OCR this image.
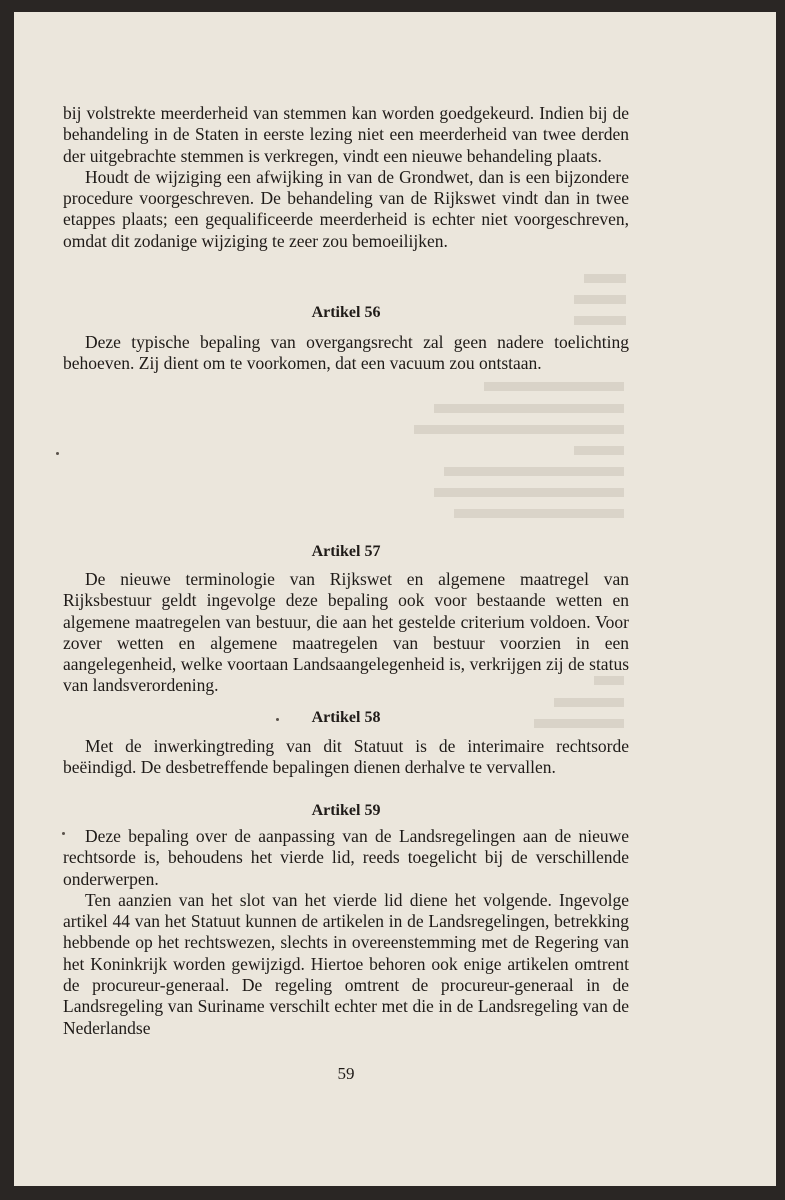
bij volstrekte meerderheid van stemmen kan worden goedgekeurd. Indien bij de behandeling in de Staten in eerste lezing niet een meerderheid van twee derden der uitgebrachte stemmen is verkregen, vindt een nieuwe behandeling plaats.

Houdt de wijziging een afwijking in van de Grondwet, dan is een bijzondere procedure voorgeschreven. De behandeling van de Rijkswet vindt dan in twee etappes plaats; een gequalificeerde meerderheid is echter niet voorgeschreven, omdat dit zodanige wijziging te zeer zou bemoeilijken.

Artikel 56

Deze typische bepaling van overgangsrecht zal geen nadere toelichting behoeven. Zij dient om te voorkomen, dat een vacuum zou ontstaan.

Artikel 57

De nieuwe terminologie van Rijkswet en algemene maatregel van Rijksbestuur geldt ingevolge deze bepaling ook voor bestaande wetten en algemene maatregelen van bestuur, die aan het gestelde criterium voldoen. Voor zover wetten en algemene maatregelen van bestuur voorzien in een aangelegenheid, welke voortaan Landsaangelegenheid is, verkrijgen zij de status van landsverordening.

Artikel 58

Met de inwerkingtreding van dit Statuut is de interimaire rechtsorde beëindigd. De desbetreffende bepalingen dienen derhalve te vervallen.

Artikel 59

Deze bepaling over de aanpassing van de Landsregelingen aan de nieuwe rechtsorde is, behoudens het vierde lid, reeds toegelicht bij de verschillende onderwerpen.

Ten aanzien van het slot van het vierde lid diene het volgende. Ingevolge artikel 44 van het Statuut kunnen de artikelen in de Landsregelingen, betrekking hebbende op het rechtswezen, slechts in overeenstemming met de Regering van het Koninkrijk worden gewijzigd. Hiertoe behoren ook enige artikelen omtrent de procureur-generaal. De regeling omtrent de procureur-generaal in de Landsregeling van Suriname verschilt echter met die in de Landsregeling van de Nederlandse

59
